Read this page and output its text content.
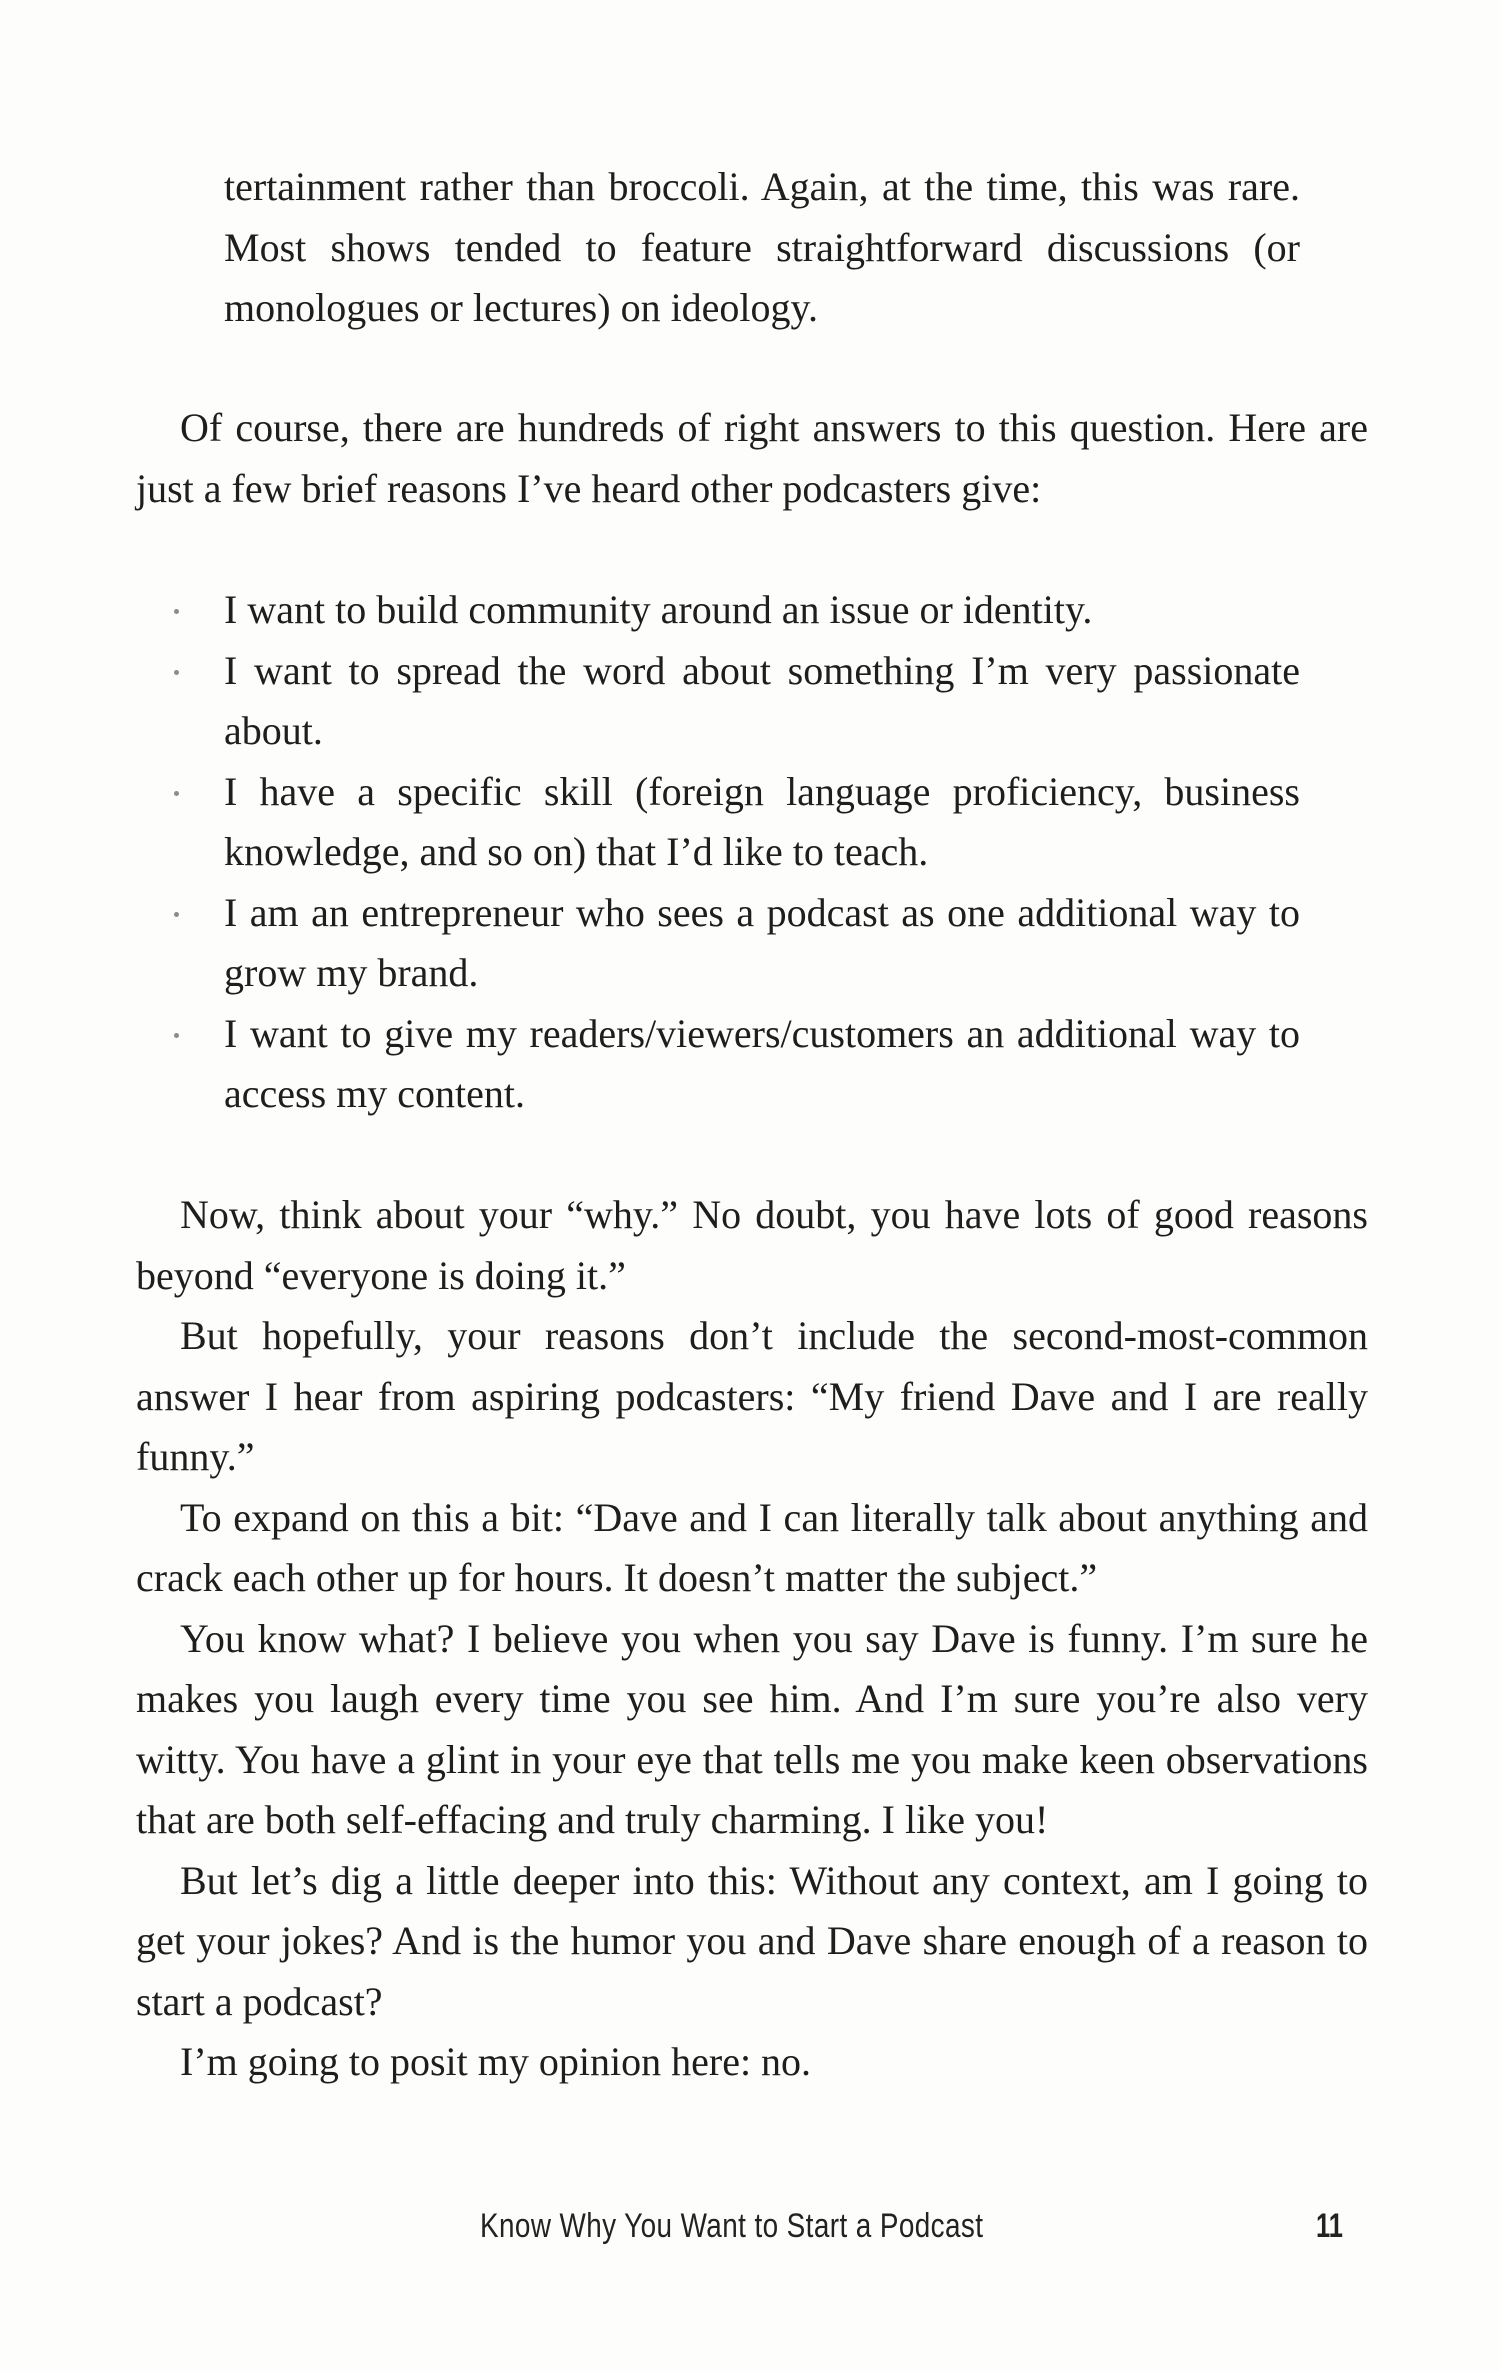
tertainment rather than broccoli. Again, at the time, this was rare. Most shows tended to feature straightforward discussions (or monologues or lectures) on ideology.

Of course, there are hundreds of right answers to this question. Here are just a few brief reasons I’ve heard other podcasters give:

I want to build community around an issue or identity.
I want to spread the word about something I’m very passionate about.
I have a specific skill (foreign language proficiency, business knowledge, and so on) that I’d like to teach.
I am an entrepreneur who sees a podcast as one additional way to grow my brand.
I want to give my readers/viewers/customers an additional way to access my content.

Now, think about your “why.” No doubt, you have lots of good reasons beyond “everyone is doing it.”

But hopefully, your reasons don’t include the second-most-common answer I hear from aspiring podcasters: “My friend Dave and I are really funny.”

To expand on this a bit: “Dave and I can literally talk about anything and crack each other up for hours. It doesn’t matter the subject.”

You know what? I believe you when you say Dave is funny. I’m sure he makes you laugh every time you see him. And I’m sure you’re also very witty. You have a glint in your eye that tells me you make keen observations that are both self-effacing and truly charming. I like you!

But let’s dig a little deeper into this: Without any context, am I going to get your jokes? And is the humor you and Dave share enough of a reason to start a podcast?

I’m going to posit my opinion here: no.

Know Why You Want to Start a Podcast	11
